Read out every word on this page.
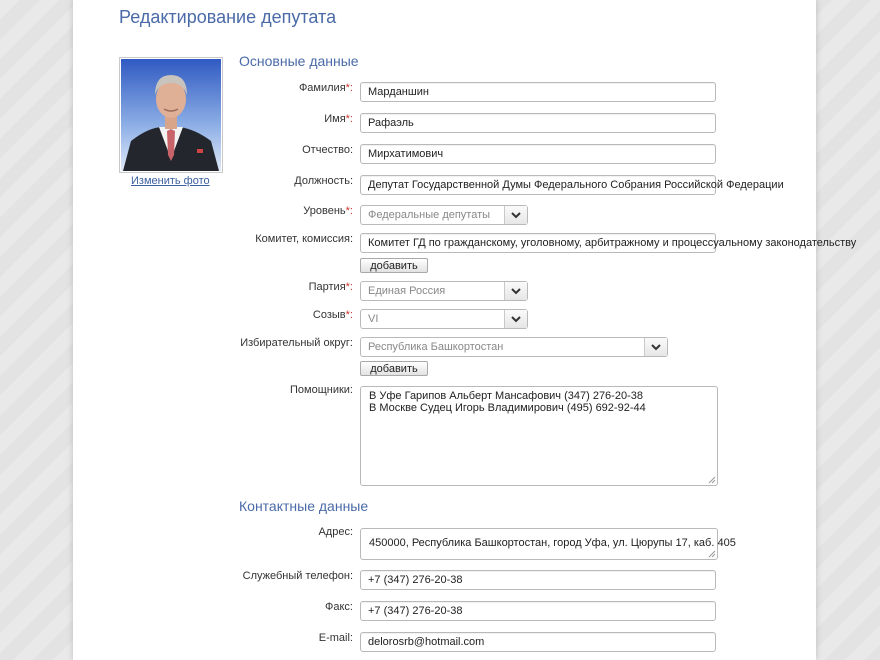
Редактирование депутата
Изменить фото
Основные данные
Фамилия*:	Марданшин
Имя*:	Рафаэль
Отчество:	Мирхатимович
Должность:	Депутат Государственной Думы Федерального Собрания Российской Федерации
Уровень*:	Федеральные депутаты
Комитет, комиссия:	Комитет ГД по гражданскому, уголовному, арбитражному и процессуальному законодательству
добавить
Партия*:	Единая Россия
Созыв*:	VI
Избирательный округ:	Республика Башкортостан
добавить
Помощники: В Уфе Гарипов Альберт Мансафович (347) 276-20-38
В Москве Судец Игорь Владимирович (495) 692-92-44
Контактные данные
Адрес:
450000, Республика Башкортостан, город Уфа, ул. Цюрупы 17, каб. 405
Служебный телефон:	+7 (347) 276-20-38
Факс:	+7 (347) 276-20-38
E-mail:	delorosrb@hotmail.com
